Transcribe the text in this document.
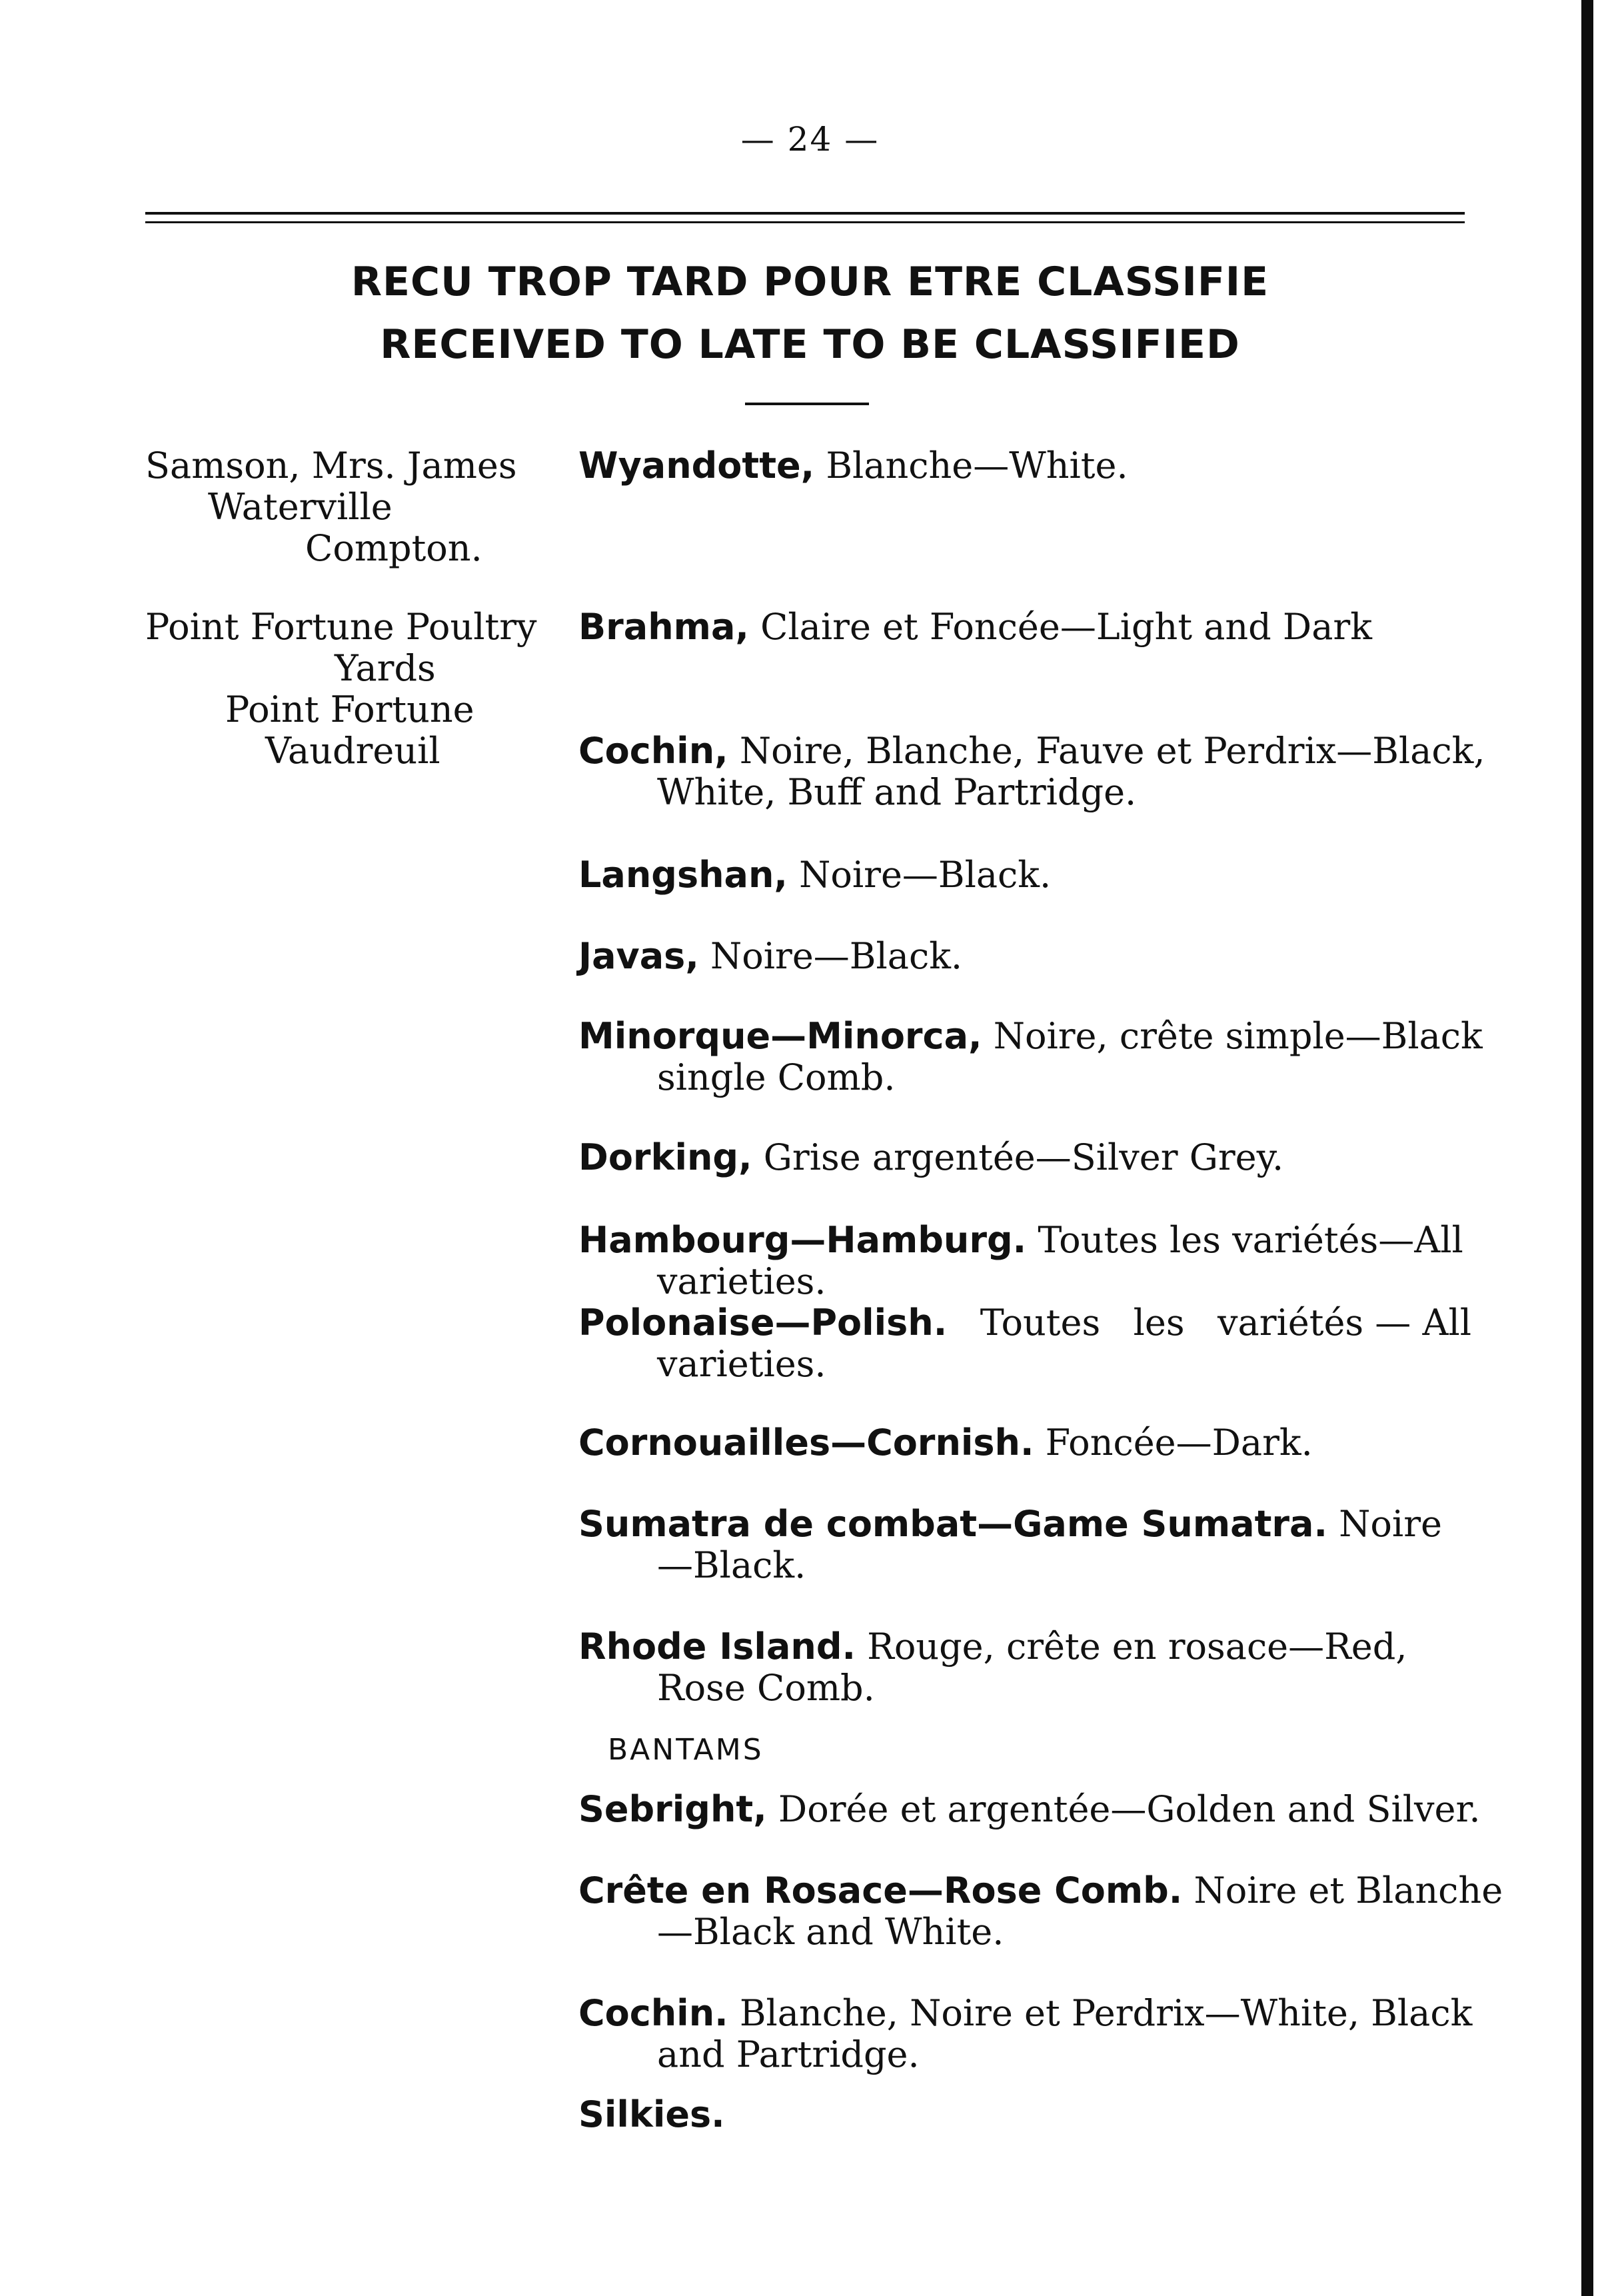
— 24 —
RECU TROP TARD POUR ETRE CLASSIFIE
RECEIVED TO LATE TO BE CLASSIFIED
Samson, Mrs. James
Waterville
Compton.
Point Fortune Poultry
Yards
Point Fortune
Vaudreuil
Wyandotte, Blanche—White.
Brahma, Claire et Foncée—Light and Dark
Cochin, Noire, Blanche, Fauve et Perdrix—Black,
White, Buff and Partridge.
Langshan, Noire—Black.
Javas, Noire—Black.
Minorque—Minorca, Noire, crête simple—Black
single Comb.
Dorking, Grise argentée—Silver Grey.
Hambourg—Hamburg. Toutes les variétés—All
varieties.
Polonaise—Polish. Toutes les variétés — All
varieties.
Cornouailles—Cornish. Foncée—Dark.
Sumatra de combat—Game Sumatra. Noire
—Black.
Rhode Island. Rouge, crête en rosace—Red,
Rose Comb.
BANTAMS
Sebright, Dorée et argentée—Golden and Silver.
Crête en Rosace—Rose Comb. Noire et Blanche
—Black and White.
Cochin. Blanche, Noire et Perdrix—White, Black
and Partridge.
Silkies.
